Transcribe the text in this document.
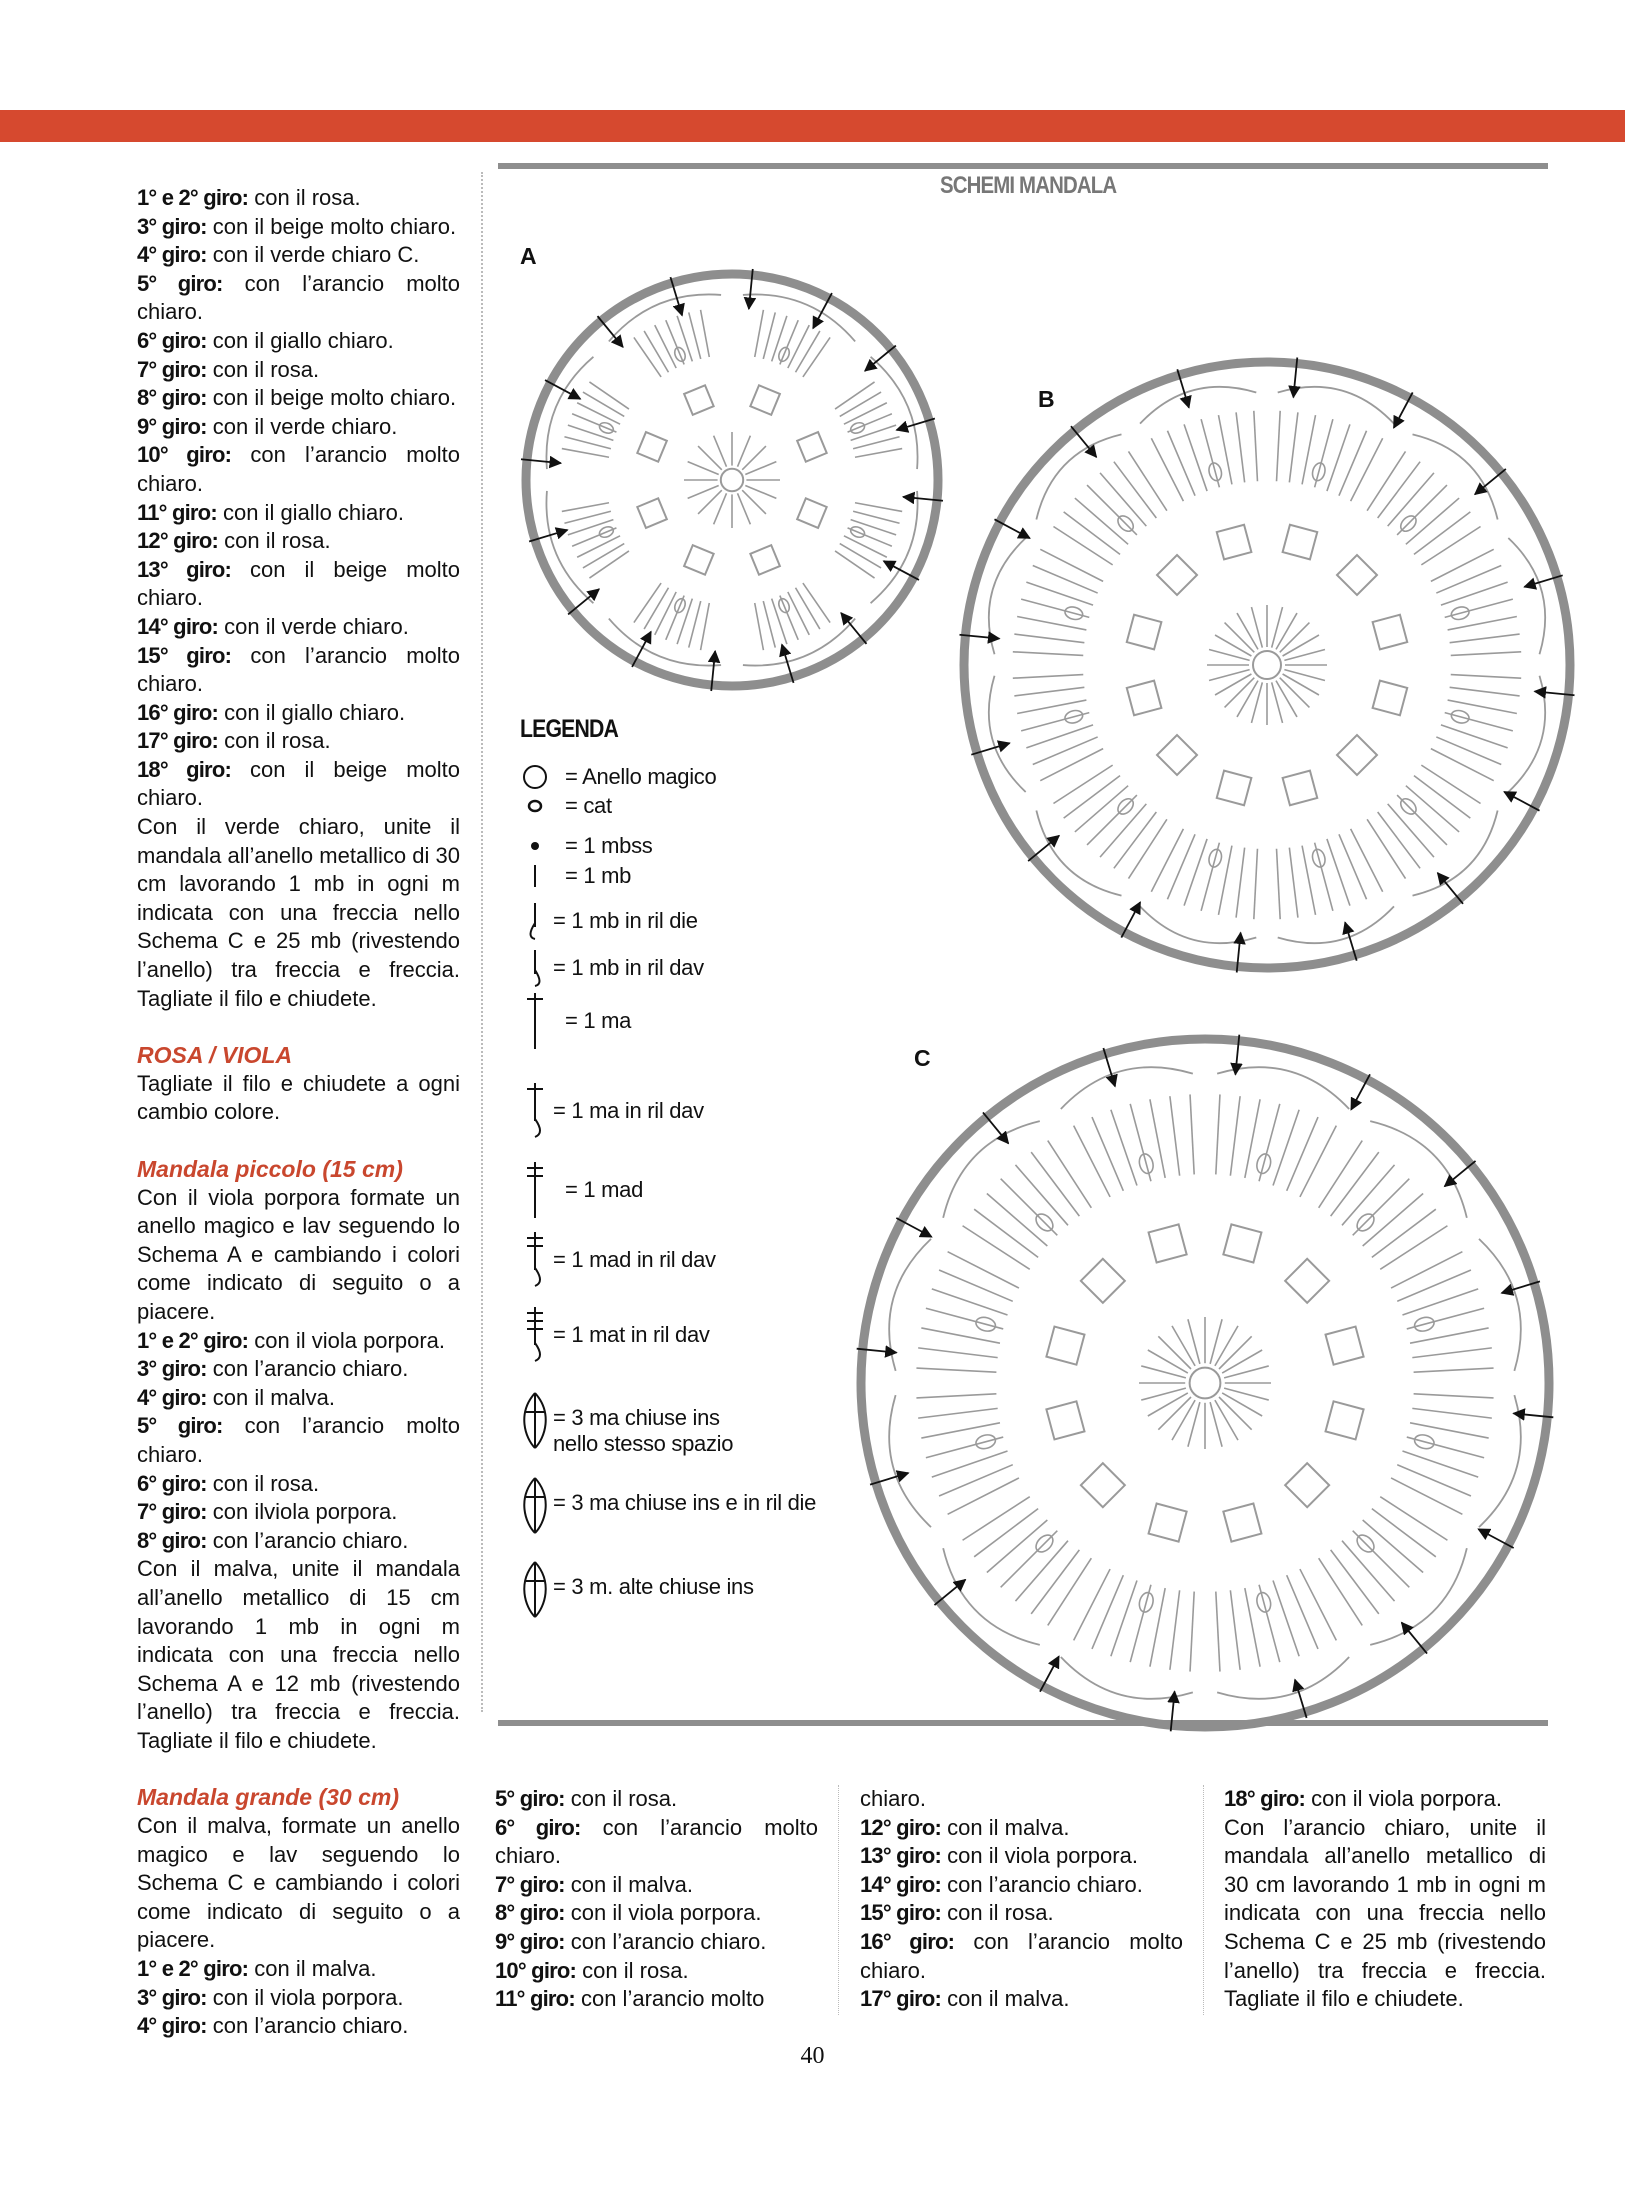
1° e 2° giro: con il rosa.

3° giro: con il beige molto chiaro.

4° giro: con il verde chiaro C.

5° giro: con l’arancio molto chiaro.

6° giro: con il giallo chiaro.

7° giro: con il rosa.

8° giro: con il beige molto chiaro.

9° giro: con il verde chiaro.

10° giro: con l’arancio molto chiaro.

11° giro: con il giallo chiaro.

12° giro: con il rosa.

13° giro: con il beige molto chiaro.

14° giro: con il verde chiaro.

15° giro: con l’arancio molto chiaro.

16° giro: con il giallo chiaro.

17° giro: con il rosa.

18° giro: con il beige molto chiaro.

Con il verde chiaro, unite il mandala all’anello metallico di 30 cm lavorando 1 mb in ogni m indicata con una freccia nello Schema C e 25 mb (rivestendo l’anello) tra freccia e freccia. Tagliate il filo e chiudete.

ROSA / VIOLA

Tagliate il filo e chiudete a ogni cambio colore.

Mandala piccolo (15 cm)

Con il viola porpora formate un anello magico e lav seguendo lo Schema A e cambiando i colori come indicato di seguito o a piacere.

1° e 2° giro: con il viola porpora.

3° giro: con l’arancio chiaro.

4° giro: con il malva.

5° giro: con l’arancio molto chiaro.

6° giro: con il rosa.

7° giro: con ilviola porpora.

8° giro: con l’arancio chiaro.

Con il malva, unite il mandala all’anello metallico di 15 cm lavorando 1 mb in ogni m indicata con una freccia nello Schema A e 12 mb (rivestendo l’anello) tra freccia e freccia. Tagliate il filo e chiudete.

Mandala grande (30 cm)

Con il malva, formate un anello magico e lav seguendo lo Schema C e cambiando i colori come indicato di seguito o a piacere.

1° e 2° giro: con il malva.

3° giro: con il viola porpora.

4° giro: con l’arancio chiaro.

5° giro: con il rosa.

6° giro: con l’arancio molto chiaro.

7° giro: con il malva.

8° giro: con il viola porpora.

9° giro: con l’arancio chiaro.

10° giro: con il rosa.

11° giro: con l’arancio molto

chiaro.

12° giro: con il malva.

13° giro: con il viola porpora.

14° giro: con l’arancio chiaro.

15° giro: con il rosa.

16° giro: con l’arancio molto chiaro.

17° giro: con il malva.

18° giro: con il viola porpora.

Con l’arancio chiaro, unite il mandala all’anello metallico di 30 cm lavorando 1 mb in ogni m indicata con una freccia nello Schema C e 25 mb (rivestendo l’anello) tra freccia e freccia. Tagliate il filo e chiudete.

SCHEMI MANDALA
A
B
C
LEGENDA
= Anello magico
= cat
= 1 mbss
= 1 mb
= 1 mb in ril die
= 1 mb in ril dav
= 1 ma
= 1 ma in ril dav
= 1 mad
= 1 mad in ril dav
= 1 mat in ril dav
= 3 ma chiuse ins
nello stesso spazio
= 3 ma chiuse ins e in ril die
= 3 m. alte chiuse ins
40
